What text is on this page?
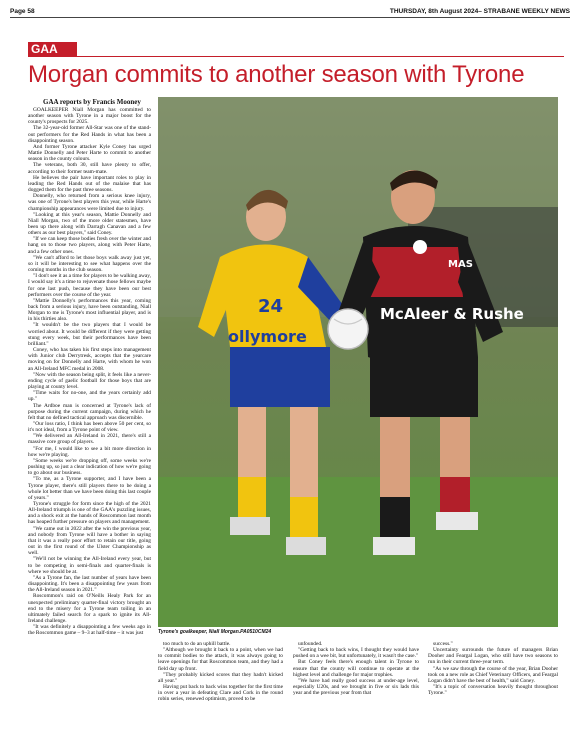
Page 58	THURSDAY, 8th August 2024– STRABANE WEEKLY NEWS
GAA
Morgan commits to another season with Tyrone
GAA reports by Francis Mooney

GOALKEEPER Niall Morgan has committed to another season with Tyrone in a major boost for the county's prospects for 2025.

The 32-year-old former All-Star was one of the stand-out performers for the Red Hands in what has been a disappointing season.

And former Tyrone attacker Kyle Coney has urged Mattie Donnelly and Peter Harte to commit to another season in the county colours.

The veterans, both 30, still have plenty to offer, according to their former team-mate.

He believes the pair have important roles to play in leading the Red Hands out of the malaise that has dogged them for the past three seasons.

Donnelly, who returned from a serious knee injury, was one of Tyrone's best players this year, while Harte's championship appearances were limited due to injury.

"Looking at this year's season, Mattie Donnelly and Niall Morgan, two of the more older statesmen, have been up there along with Darragh Canavan and a few others as our best players," said Coney.

"If we can keep those bodies fresh over the winter and hang on to those two players, along with Peter Harte, and a few other ones.

"We can't afford to let those boys walk away just yet, so it will be interesting to see what happens over the coming months in the club season.

"I don't see it as a time for players to be walking away, I would say it's a time to rejuvenate those fellows maybe for one last push, because they have been our best performers over the course of the year.

"Mattie Donnelly's performances this year, coming back from a serious injury, have been outstanding, Niall Morgan to me is Tyrone's most influential player, and is in his thirties also.

"It wouldn't be the two players that I would be worried about. It would be different if they were getting stung every week, but their performances have been brilliant."

Coney, who has taken his first steps into management with Junior club Derrytresk, accepts that the yearcare moving on for Donnelly and Harte, with whom he won an All-Ireland MFC medal in 2008.

"Now with the season being split, it feels like a never-ending cycle of gaelic football for those boys that are playing at county level.

"Time waits for no-one, and the years certainly add up."

The Ardboe man is concerned at Tyrone's lack of purpose during the current campaign, during which he felt that no defined tactical approach was discernible.

"Our loss ratio, I think has been above 50 per cent, so it's not ideal, from a Tyrone point of view.

"We delivered an All-Ireland in 2021, there's still a massive core group of players.

"For me, I would like to see a bit more direction in how we're playing.

"Some weeks we're dropping off, some weeks we're pushing up, so just a clear indication of how we're going to go about our business.

"To me, as a Tyrone supporter, and I have been a Tyrone player, there's still players there to be doing a whole lot better than we have been doing this last couple of years."

Tyrone's struggle for form since the high of the 2021 All-Ireland triumph is one of the GAA's puzzling issues, and a shock exit at the hands of Roscommon last month has heaped further pressure on players and management.

"We came out in 2022 after the win the previous year, and nobody from Tyrone will have a bother in saying that it was a really poor effort to retain our title, going out in the first round of the Ulster Championship as well.

"We'll not be winning the All-Ireland every year, but to be competing in semi-finals and quarter-finals is where we should be at.

"As a Tyrone fan, the last number of years have been disappointing. It's been a disappointing few years from the All-Ireland season in 2021."

Roscommon's raid on O'Neills Healy Park for an unexpected preliminary quarter-final victory brought an end to the misery for a Tyrone team toiling in an ultimately failed search for a spark to ignite its All-Ireland challenge.

"It was definitely a disappointing a few weeks ago in the Roscommon game – 9–3 at half-time – it was just

24
ollymore
McAleer & Rushe
MAS
Tyrone's goalkeeper, Niall Morgan.PA0510CM24

too much to do an uphill battle.

"Although we brought it back to a point, when we had to commit bodies to the attack, it was always going to leave openings for that Roscommon team, and they had a field day up front.

"They probably kicked scores that they hadn't kicked all year."

Having put back to back wins together for the first time in over a year in defeating Clare and Cork in the round robin series, renewed optimism, proved to be

unfounded.

"Getting back to back wins, I thought they would have pushed on a wee bit, but unfortunately, it wasn't the case."

But Coney feels there's enough talent in Tyrone to ensure that the county will continue to operate at the highest level and challenge for major trophies.

"We have had really good success at under-age level, especially U20s, and we brought in five or six lads this year and the previous year from that

success."

Uncertainty surrounds the future of managers Brian Dooher and Feargal Logan, who still have two seasons to run in their current three-year term.

"As we saw through the course of the year, Brian Dooher took on a new role as Chief Veterinary Officers, and Feargal Logan didn't have the best of health," said Coney.

"It's a topic of conversation heavily thought throughout Tyrone."
